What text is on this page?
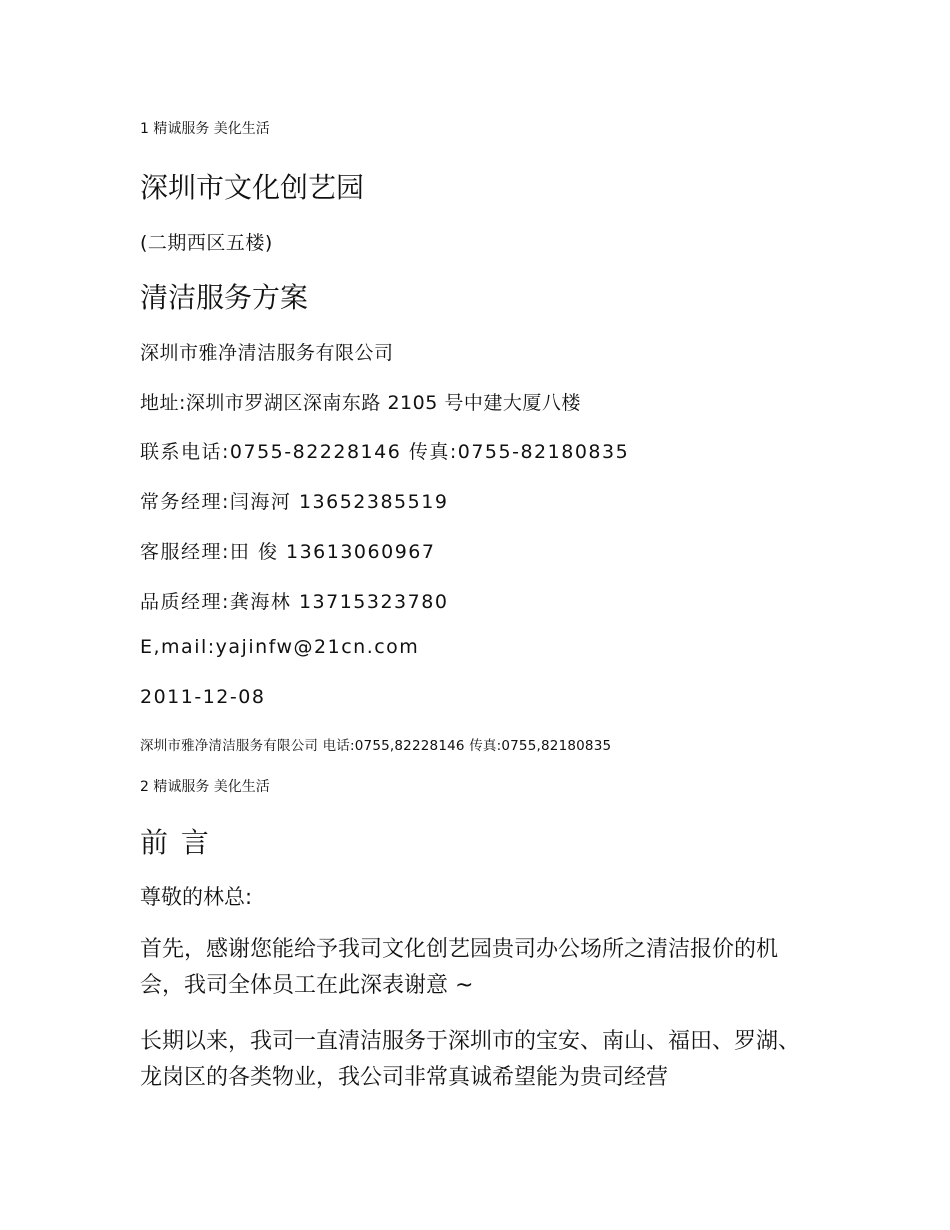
1 精诚服务 美化生活
深圳市文化创艺园
(二期西区五楼)
清洁服务方案
深圳市雅净清洁服务有限公司
地址:深圳市罗湖区深南东路 2105 号中建大厦八楼
联系电话:0755-82228146 传真:0755-82180835
常务经理:闫海河 13652385519
客服经理:田 俊 13613060967
品质经理:龚海林 13715323780
E,mail:yajinfw@21cn.com
2011-12-08
深圳市雅净清洁服务有限公司 电话:0755,82228146 传真:0755,82180835
2 精诚服务 美化生活
前 言
尊敬的林总:
首先，感谢您能给予我司文化创艺园贵司办公场所之清洁报价的机会，我司全体员工在此深表谢意 ~
长期以来，我司一直清洁服务于深圳市的宝安、南山、福田、罗湖、龙岗区的各类物业，我公司非常真诚希望能为贵司经营
